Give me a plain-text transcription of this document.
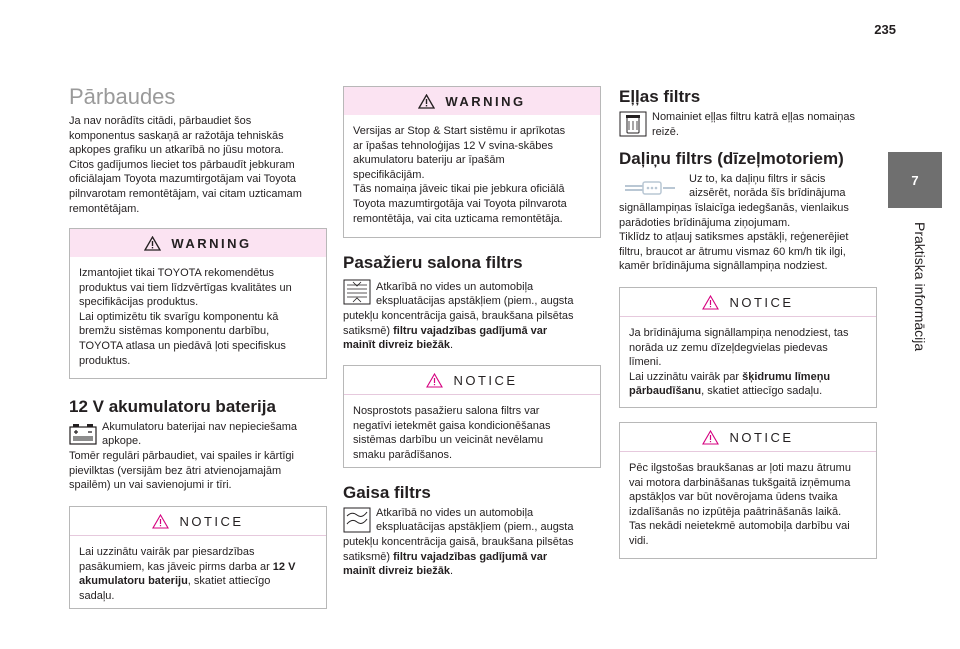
235
7
Praktiska informācija
Pārbaudes

Ja nav norādīts citādi, pārbaudiet šos
komponentus saskaņā ar ražotāja tehniskās
apkopes grafiku un atkarībā no jūsu motora.
Citos gadījumos lieciet tos pārbaudīt jebkuram
oficiālajam Toyota mazumtirgotājam vai Toyota
pilnvarotam remontētājam, vai citam uzticamam
remontētājam.

WARNING
Izmantojiet tikai TOYOTA rekomendētus
produktus vai tiem līdzvērtīgas kvalitātes un
specifikācijas produktus.
Lai optimizētu tik svarīgu komponentu kā
bremžu sistēmas komponentu darbību,
TOYOTA atlasa un piedāvā ļoti specifiskus
produktus.
12 V akumulatoru baterija
Akumulatoru baterijai nav nepieciešama
apkope.

Tomēr regulāri pārbaudiet, vai spailes ir kārtīgi
pievilktas (versijām bez ātri atvienojamajām
spailēm) un vai savienojumi ir tīri.

NOTICE
Lai uzzinātu vairāk par piesardzības
pasākumiem, kas jāveic pirms darba ar 12 V
akumulatoru bateriju, skatiet attiecīgo
sadaļu.
WARNING
Versijas ar Stop & Start sistēmu ir aprīkotas
ar īpašas tehnoloģijas 12 V svina-skābes
akumulatoru bateriju ar īpašām
specifikācijām.
Tās nomaiņa jāveic tikai pie jebkura oficiālā
Toyota mazumtirgotāja vai Toyota pilnvarota
remontētāja, vai cita uzticama remontētāja.
Pasažieru salona filtrs
Atkarībā no vides un automobiļa
ekspluatācijas apstākļiem (piem., augsta

putekļu koncentrācija gaisā, braukšana pilsētas
satiksmē) filtru vajadzības gadījumā var
mainīt divreiz biežāk.

NOTICE
Nosprostots pasažieru salona filtrs var
negatīvi ietekmēt gaisa kondicionēšanas
sistēmas darbību un veicināt nevēlamu
smaku parādīšanos.
Gaisa filtrs
Atkarībā no vides un automobiļa
ekspluatācijas apstākļiem (piem., augsta

putekļu koncentrācija gaisā, braukšana pilsētas
satiksmē) filtru vajadzības gadījumā var
mainīt divreiz biežāk.

Eļļas filtrs

Nomainiet eļļas filtru katrā eļļas nomaiņas
reizē.

Daļiņu filtrs (dīzeļmotoriem)
Uz to, ka daļiņu filtrs ir sācis
aizsērēt, norāda šīs brīdinājuma

signāllampiņas īslaicīga iedegšanās, vienlaikus
parādoties brīdinājuma ziņojumam.
Tiklīdz to atļauj satiksmes apstākļi, reģenerējiet
filtru, braucot ar ātrumu vismaz 60 km/h tik ilgi,
kamēr brīdinājuma signāllampiņa nodziest.

NOTICE
Ja brīdinājuma signāllampiņa nenodziest, tas
norāda uz zemu dīzeļdegvielas piedevas
līmeni.
Lai uzzinātu vairāk par šķidrumu līmeņu
pārbaudīšanu, skatiet attiecīgo sadaļu.
NOTICE
Pēc ilgstošas braukšanas ar ļoti mazu ātrumu
vai motora darbināšanas tukšgaitā izņēmuma
apstākļos var būt novērojama ūdens tvaika
izdalīšanās no izpūtēja paātrināšanās laikā.
Tas nekādi neietekmē automobiļa darbību vai
vidi.
